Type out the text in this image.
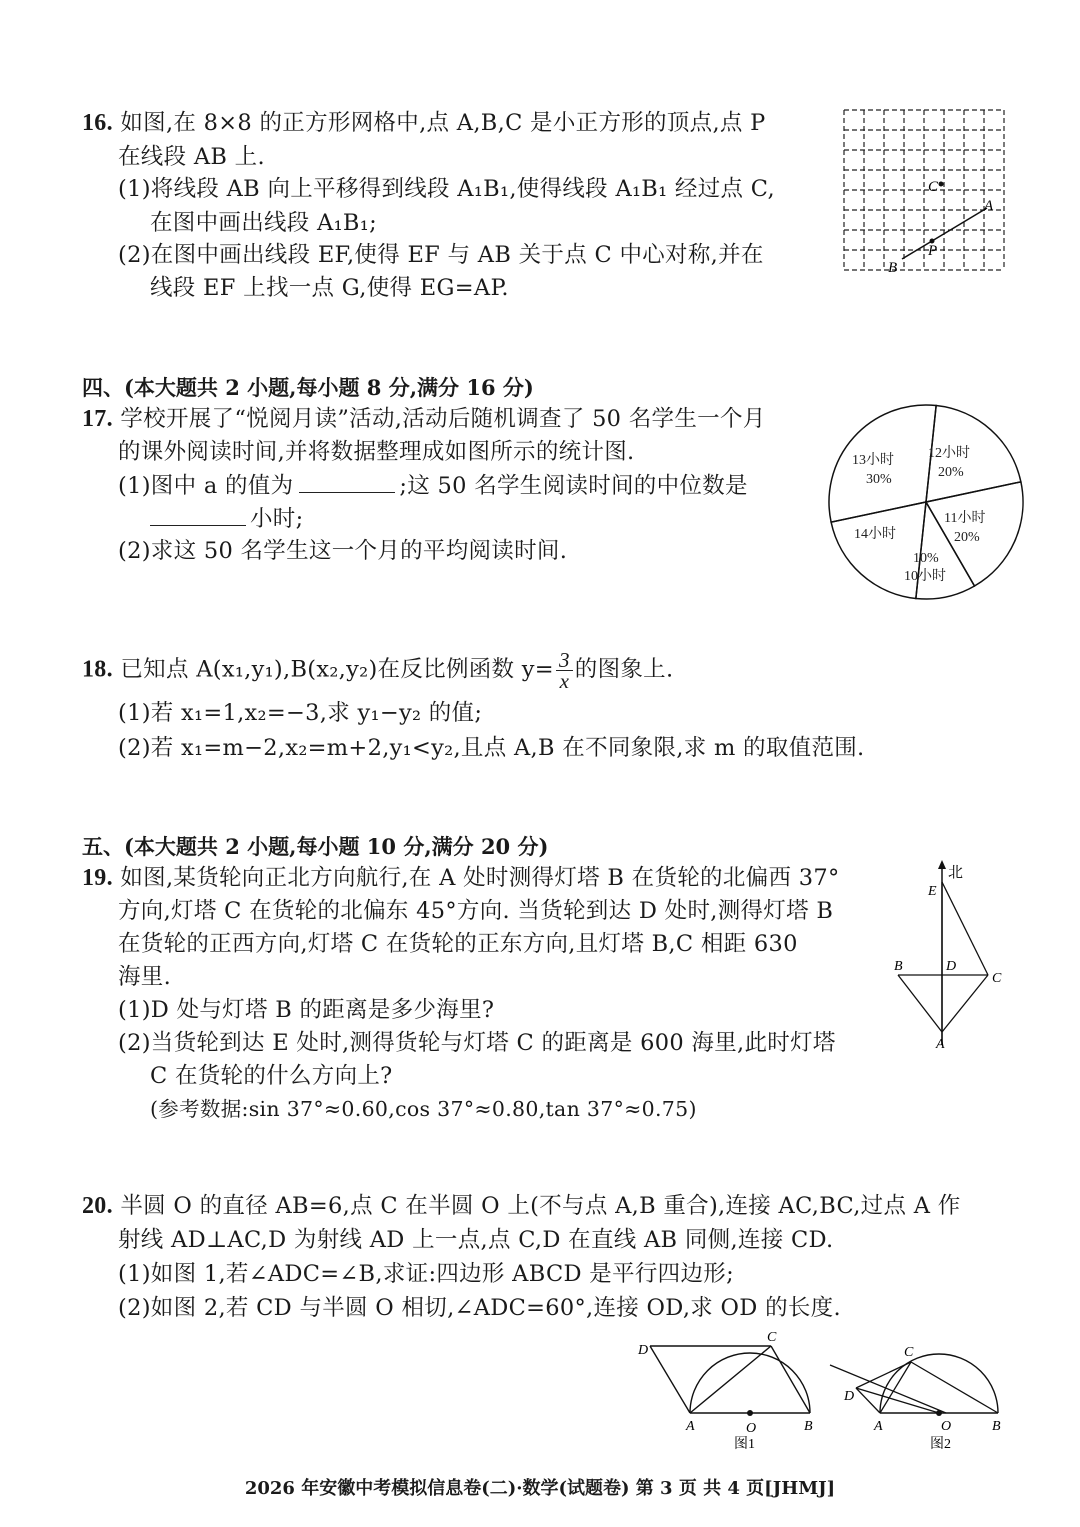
16. 如图,在 8×8 的正方形网格中,点 A,B,C 是小正方形的顶点,点 P
在线段 AB 上.
(1)将线段 AB 向上平移得到线段 A₁B₁,使得线段 A₁B₁ 经过点 C,
在图中画出线段 A₁B₁;
(2)在图中画出线段 EF,使得 EF 与 AB 关于点 C 中心对称,并在
线段 EF 上找一点 G,使得 EG=AP.
C
A
P
B
四、(本大题共 2 小题,每小题 8 分,满分 16 分)
17. 学校开展了“悦阅月读”活动,活动后随机调查了 50 名学生一个月
的课外阅读时间,并将数据整理成如图所示的统计图.
(1)图中 a 的值为	;这 50 名学生阅读时间的中位数是
小时;
(2)求这 50 名学生这一个月的平均阅读时间.
13小时
30%
12小时
20%
11小时
20%
10%
10小时
14小时
18. 已知点 A(x₁,y₁),B(x₂,y₂)在反比例函数 $y= \frac{3}{x}$ 的图象上.
(1)若 x₁=1,x₂=−3,求 y₁−y₂ 的值;
(2)若 x₁=m−2,x₂=m+2,y₁<y₂,且点 A,B 在不同象限,求 m 的取值范围.
五、(本大题共 2 小题,每小题 10 分,满分 20 分)
19. 如图,某货轮向正北方向航行,在 A 处时测得灯塔 B 在货轮的北偏西 37°
方向,灯塔 C 在货轮的北偏东 45°方向. 当货轮到达 D 处时,测得灯塔 B
在货轮的正西方向,灯塔 C 在货轮的正东方向,且灯塔 B,C 相距 630
海里.
(1)D 处与灯塔 B 的距离是多少海里?
(2)当货轮到达 E 处时,测得货轮与灯塔 C 的距离是 600 海里,此时灯塔
C 在货轮的什么方向上?
(参考数据:sin 37°≈0.60,cos 37°≈0.80,tan 37°≈0.75)
北
E
B	D
C
A
20. 半圆 O 的直径 AB=6,点 C 在半圆 O 上(不与点 A,B 重合),连接 AC,BC,过点 A 作
射线 AD⊥AC,D 为射线 AD 上一点,点 C,D 在直线 AB 同侧,连接 CD.
(1)如图 1,若∠ADC=∠B,求证:四边形 ABCD 是平行四边形;
(2)如图 2,若 CD 与半圆 O 相切,∠ADC=60°,连接 OD,求 OD 的长度.
D
C
A	O	B
图1
C
D
A	O	B
图2
2026 年安徽中考模拟信息卷(二)·数学(试题卷) 第 3 页 共 4 页[JHMJ]
